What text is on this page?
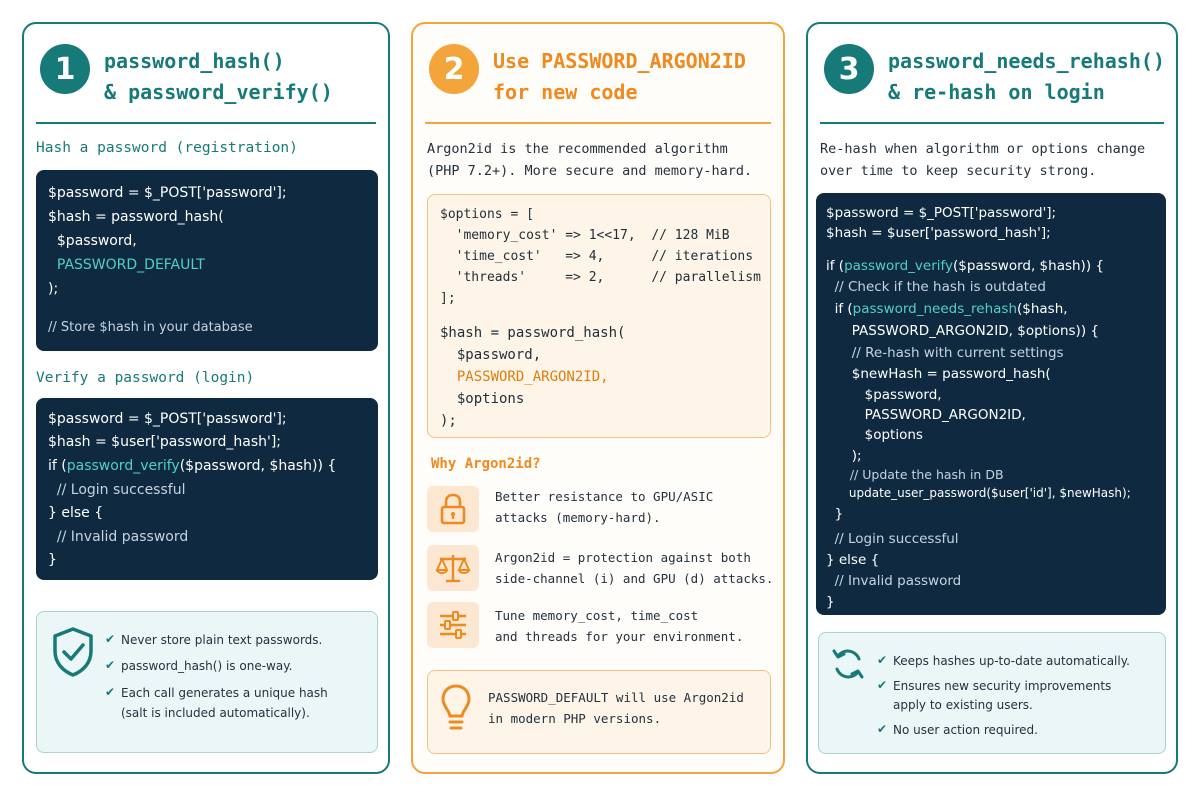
1	password_hash()
& password_verify()
Hash a password (registration)
$password = $_POST['password'];
$hash = password_hash(
$password,
PASSWORD_DEFAULT
);
// Store $hash in your database
Verify a password (login)
$password = $_POST['password'];
$hash = $user['password_hash'];
if (password_verify($password, $hash)) {
// Login successful
} else {
// Invalid password
}
✔ Never store plain text passwords.
✔ password_hash() is one-way.
✔ Each call generates a unique hash
(salt is included automatically).
2	Use PASSWORD_ARGON2ID
for new code
Argon2id is the recommended algorithm
(PHP 7.2+). More secure and memory-hard.
$options = [
'memory_cost' => 1<<17,  // 128 MiB
'time_cost'   => 4,      // iterations
'threads'     => 2,      // parallelism
];
$hash = password_hash(
$password,
PASSWORD_ARGON2ID,
$options
);
Why Argon2id?
Better resistance to GPU/ASIC
attacks (memory-hard).
Argon2id = protection against both
side-channel (i) and GPU (d) attacks.
Tune memory_cost, time_cost
and threads for your environment.
PASSWORD_DEFAULT will use Argon2id
in modern PHP versions.
3	password_needs_rehash()
& re-hash on login
Re-hash when algorithm or options change
over time to keep security strong.
$password = $_POST['password'];
$hash = $user['password_hash'];
if (password_verify($password, $hash)) {
// Check if the hash is outdated
if (password_needs_rehash($hash,
PASSWORD_ARGON2ID, $options)) {
// Re-hash with current settings
$newHash = password_hash(
$password,
PASSWORD_ARGON2ID,
$options
);
// Update the hash in DB
update_user_password($user['id'], $newHash);
}
// Login successful
} else {
// Invalid password
}
✔ Keeps hashes up-to-date automatically.
✔ Ensures new security improvements
apply to existing users.
✔ No user action required.
